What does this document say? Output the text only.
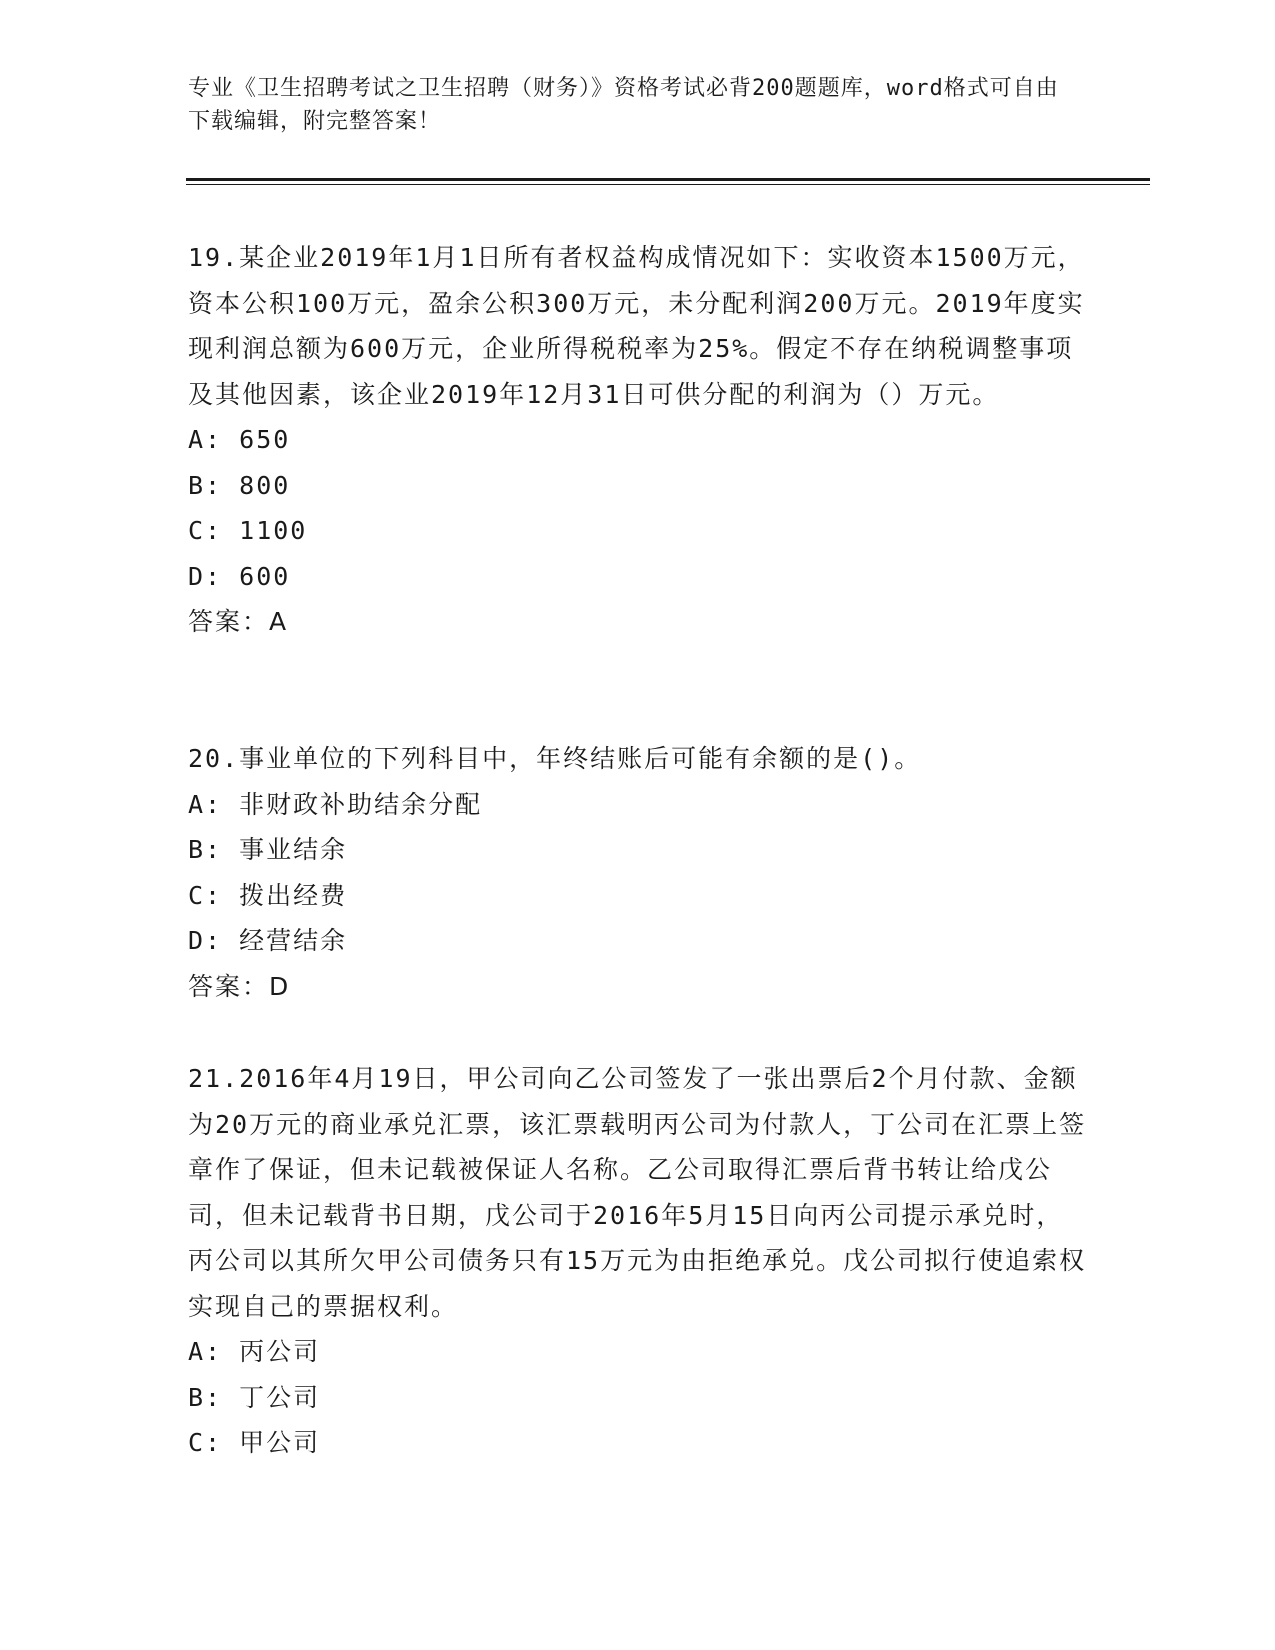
专业《卫生招聘考试之卫生招聘（财务）》资格考试必背200题题库，word格式可自由下载编辑，附完整答案！
19.某企业2019年1月1日所有者权益构成情况如下：实收资本1500万元，资本公积100万元，盈余公积300万元，未分配利润200万元。2019年度实现利润总额为600万元，企业所得税税率为25%。假定不存在纳税调整事项及其他因素，该企业2019年12月31日可供分配的利润为（）万元。
A: 650
B: 800
C: 1100
D: 600
答案：A
20.事业单位的下列科目中，年终结账后可能有余额的是()。
A: 非财政补助结余分配
B: 事业结余
C: 拨出经费
D: 经营结余
答案：D
21.2016年4月19日，甲公司向乙公司签发了一张出票后2个月付款、金额为20万元的商业承兑汇票，该汇票载明丙公司为付款人，丁公司在汇票上签章作了保证，但未记载被保证人名称。乙公司取得汇票后背书转让给戊公司，但未记载背书日期，戊公司于2016年5月15日向丙公司提示承兑时，丙公司以其所欠甲公司债务只有15万元为由拒绝承兑。戊公司拟行使追索权实现自己的票据权利。
A: 丙公司
B: 丁公司
C: 甲公司
